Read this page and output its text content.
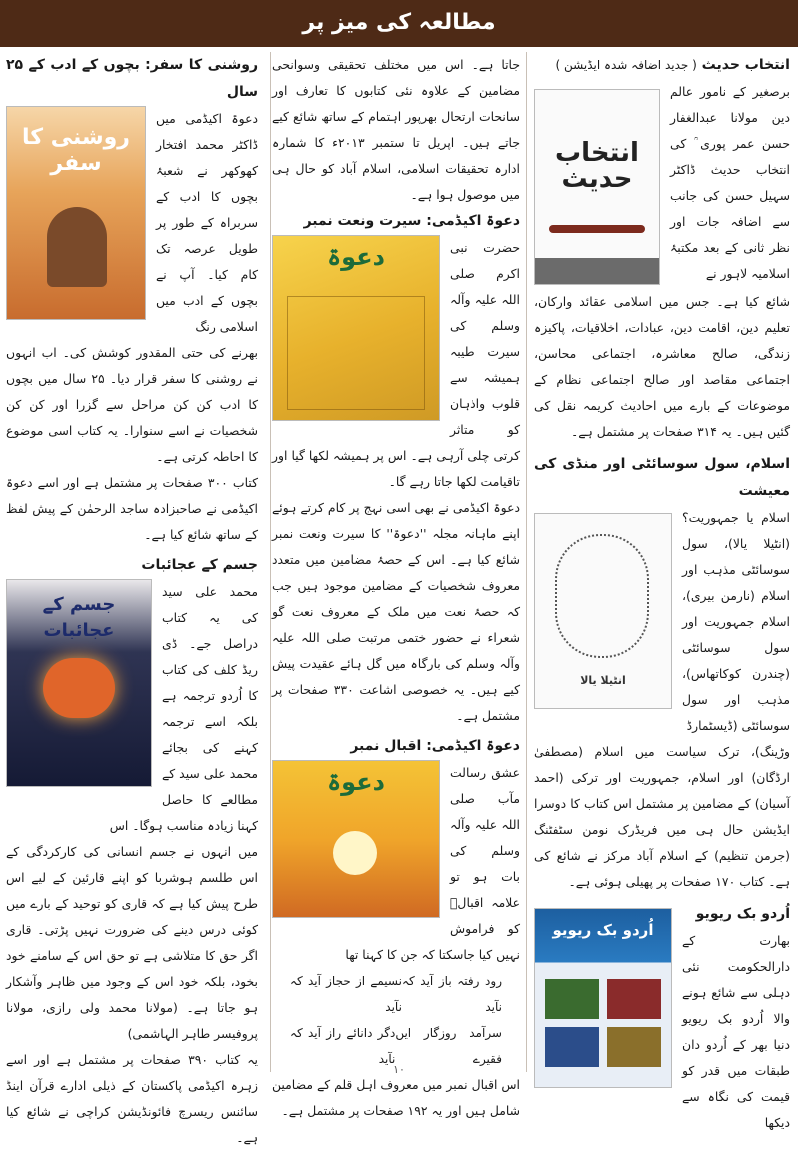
مطالعہ کی میز پر
انتخاب حدیث ( جدید اضافہ شدہ ایڈیشن )
انتخاب حدیث

برصغیر کے نامور عالم دین مولانا عبدالغفار حسن عمر پوری ؒ کی انتخاب حدیث ڈاکٹر سہیل حسن کی جانب سے اضافہ جات اور نظر ثانی کے بعد مکتبۂ اسلامیہ لاہور نے

شائع کیا ہے۔ جس میں اسلامی عقائد وارکان، تعلیم دین، اقامت دین، عبادات، اخلاقیات، پاکیزہ زندگی، صالح معاشرہ، اجتماعی محاسن، اجتماعی مقاصد اور صالح اجتماعی نظام کے موضوعات کے بارے میں احادیث کریمہ نقل کی گئیں ہیں۔ یہ ۳۱۴ صفحات پر مشتمل ہے۔

اسلام، سول سوسائٹی اور منڈی کی معیشت
انٹیلا یالا

اسلام یا جمہوریت؟ (انٹیلا یالا)، سول سوسائٹی مذہب اور اسلام (نارمن بیری)، اسلام جمہوریت اور سول سوسائٹی (چندرن کوکاتھاس)، مذہب اور سول سوسائٹی (ڈیسٹمارڈ

وڑینگ)، ترک سیاست میں اسلام (مصطفیٰ ارڈگان) اور اسلام، جمہوریت اور ترکی (احمد آسیان) کے مضامین پر مشتمل اس کتاب کا دوسرا ایڈیشن حال ہی میں فریڈرک نومن سٹفٹنگ (جرمن تنظیم) کے اسلام آباد مرکز نے شائع کی ہے۔ کتاب ۱۷۰ صفحات پر پھیلی ہوئی ہے۔

اُردو بک ریویو
اُردو بک ریویو

بھارت کے دارالحکومت نئی دہلی سے شائع ہونے والا اُردو بک ریویو دنیا بھر کے اُردو دان طبقات میں قدر کو قیمت کی نگاہ سے دیکھا

جاتا ہے۔ اس میں مختلف تحقیقی وسوانحی مضامین کے علاوہ نئی کتابوں کا تعارف اور سانحات ارتحال بھرپور اہتمام کے ساتھ شائع کیے جاتے ہیں۔ اپریل تا ستمبر ۲۰۱۳ء کا شمارہ ادارہ تحقیقات اسلامی، اسلام آباد کو حال ہی میں موصول ہوا ہے۔

دعوۃ اکیڈمی: سیرت ونعت نمبر
دعوۃ	حضرت نبی اکرم صلی اللہ علیہ وآلہ وسلم کی سیرت طیبہ ہمیشہ سے قلوب واذہان کو متاثر کرتی چلی آرہی ہے۔ اس پر ہمیشہ لکھا گیا اور تاقیامت لکھا جاتا رہے گا۔

دعوۃ اکیڈمی نے بھی اسی نہج پر کام کرتے ہوئے اپنے ماہانہ مجلہ ''دعوۃ'' کا سیرت ونعت نمبر شائع کیا ہے۔ اس کے حصۂ مضامین میں متعدد معروف شخصیات کے مضامین موجود ہیں جب کہ حصۂ نعت میں ملک کے معروف نعت گو شعراء نے حضور ختمی مرتبت صلی اللہ علیہ وآلہ وسلم کی بارگاہ میں گل ہائے عقیدت پیش کیے ہیں۔ یہ خصوصی اشاعت ۳۳۰ صفحات پر مشتمل ہے۔

دعوۃ اکیڈمی: اقبال نمبر
دعوۃ	عشق رسالت مآب صلی اللہ علیہ وآلہ وسلم کی بات ہو تو علامہ اقبالؒ کو فراموش نہیں کیا جاسکتا کہ جن کا کہنا تھا

رود رفتہ باز آید کہ نآید
نسیمے از حجاز آید کہ نآید
سرآمد روزگار ایں فقیرے
دگر دانائے راز آید کہ نآید

اس اقبال نمبر میں معروف اہل قلم کے مضامین شامل ہیں اور یہ ۱۹۲ صفحات پر مشتمل ہے۔

روشنی کا سفر: بچوں کے ادب کے ۲۵ سال
روشنی کا سفر

دعوۃ اکیڈمی میں ڈاکٹر محمد افتخار کھوکھر نے شعبۂ بچوں کا ادب کے سربراہ کے طور پر طویل عرصہ تک کام کیا۔ آپ نے بچوں کے ادب میں اسلامی رنگ

بھرنے کی حتی المقدور کوشش کی۔ اب انہوں نے روشنی کا سفر قرار دیا۔ ۲۵ سال میں بچوں کا ادب کن کن مراحل سے گزرا اور کن کن شخصیات نے اسے سنوارا۔ یہ کتاب اسی موضوع کا احاطہ کرتی ہے۔

کتاب ۳۰۰ صفحات پر مشتمل ہے اور اسے دعوۃ اکیڈمی نے صاحبزادہ ساجد الرحمٰن کے پیش لفظ کے ساتھ شائع کیا ہے۔

جسم کے عجائبات
جسم کے عجائبات

محمد علی سید کی یہ کتاب دراصل جے۔ ڈی ریڈ کلف کی کتاب کا اُردو ترجمہ ہے بلکہ اسے ترجمہ کہنے کی بجائے محمد علی سید کے مطالعے کا حاصل کہنا زیادہ مناسب ہوگا۔ اس

میں انہوں نے جسم انسانی کی کارکردگی کے اس طلسم ہوشربا کو اپنے قارئین کے لیے اس طرح پیش کیا ہے کہ قاری کو توحید کے بارے میں کوئی درس دینے کی ضرورت نہیں پڑتی۔ قاری اگر حق کا متلاشی ہے تو حق اس کے سامنے خود بخود، بلکہ خود اس کے وجود میں ظاہر وآشکار ہو جاتا ہے۔ (مولانا محمد ولی رازی، مولانا پروفیسر طاہر الہاشمی)

یہ کتاب ۳۹۰ صفحات پر مشتمل ہے اور اسے زہرہ اکیڈمی پاکستان کے ذیلی ادارے قرآن اینڈ سائنس ریسرچ فائونڈیشن کراچی نے شائع کیا ہے۔

۱۰
